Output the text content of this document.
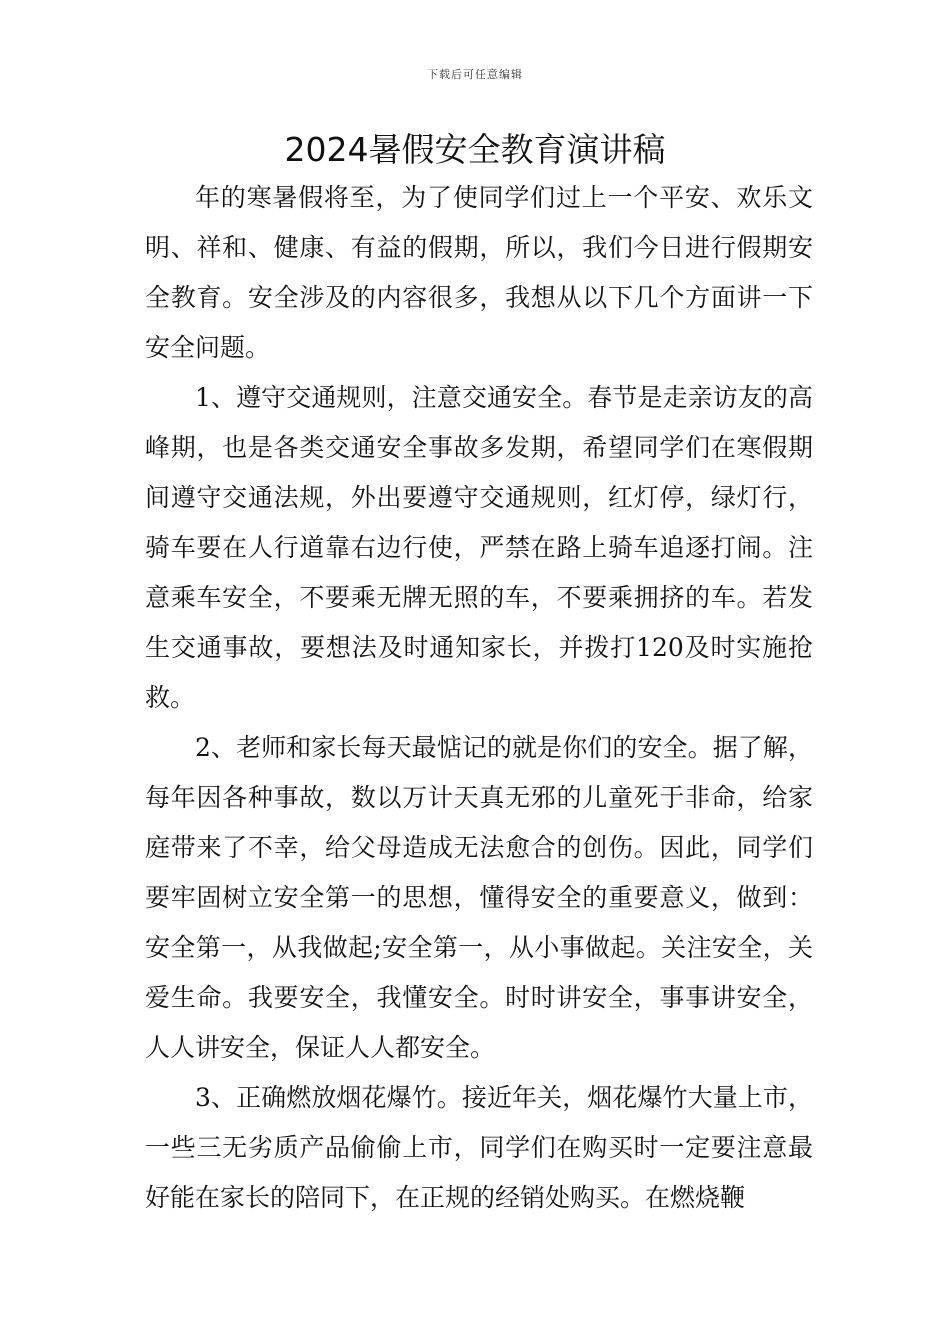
下载后可任意编辑
2024暑假安全教育演讲稿

年的寒暑假将至，为了使同学们过上一个平安、欢乐文明、祥和、健康、有益的假期，所以，我们今日进行假期安全教育。安全涉及的内容很多，我想从以下几个方面讲一下安全问题。

1、遵守交通规则，注意交通安全。春节是走亲访友的高峰期，也是各类交通安全事故多发期，希望同学们在寒假期间遵守交通法规，外出要遵守交通规则，红灯停，绿灯行，骑车要在人行道靠右边行使，严禁在路上骑车追逐打闹。注意乘车安全，不要乘无牌无照的车，不要乘拥挤的车。若发生交通事故，要想法及时通知家长，并拨打120及时实施抢救。

2、老师和家长每天最惦记的就是你们的安全。据了解，每年因各种事故，数以万计天真无邪的儿童死于非命，给家庭带来了不幸，给父母造成无法愈合的创伤。因此，同学们要牢固树立安全第一的思想，懂得安全的重要意义，做到：安全第一，从我做起;安全第一，从小事做起。关注安全，关爱生命。我要安全，我懂安全。时时讲安全，事事讲安全，人人讲安全，保证人人都安全。

3、正确燃放烟花爆竹。接近年关，烟花爆竹大量上市，一些三无劣质产品偷偷上市，同学们在购买时一定要注意最好能在家长的陪同下，在正规的经销处购买。在燃烧鞭
